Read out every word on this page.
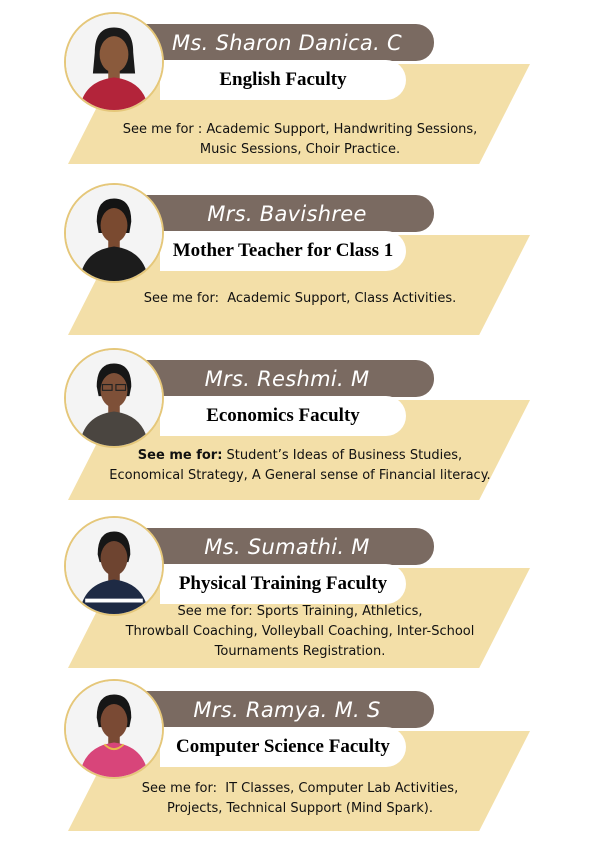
Ms. Sharon Danica. C
English Faculty
See me for : Academic Support, Handwriting Sessions,
Music Sessions, Choir Practice.
Mrs. Bavishree
Mother Teacher for Class 1
See me for: Academic Support, Class Activities.
Mrs. Reshmi. M
Economics Faculty
See me for: Student’s Ideas of Business Studies,
Economical Strategy, A General sense of Financial literacy.
Ms. Sumathi. M
Physical Training Faculty
See me for: Sports Training, Athletics,
Throwball Coaching, Volleyball Coaching, Inter-School
Tournaments Registration.
Mrs. Ramya. M. S
Computer Science Faculty
See me for: IT Classes, Computer Lab Activities,
Projects, Technical Support (Mind Spark).
